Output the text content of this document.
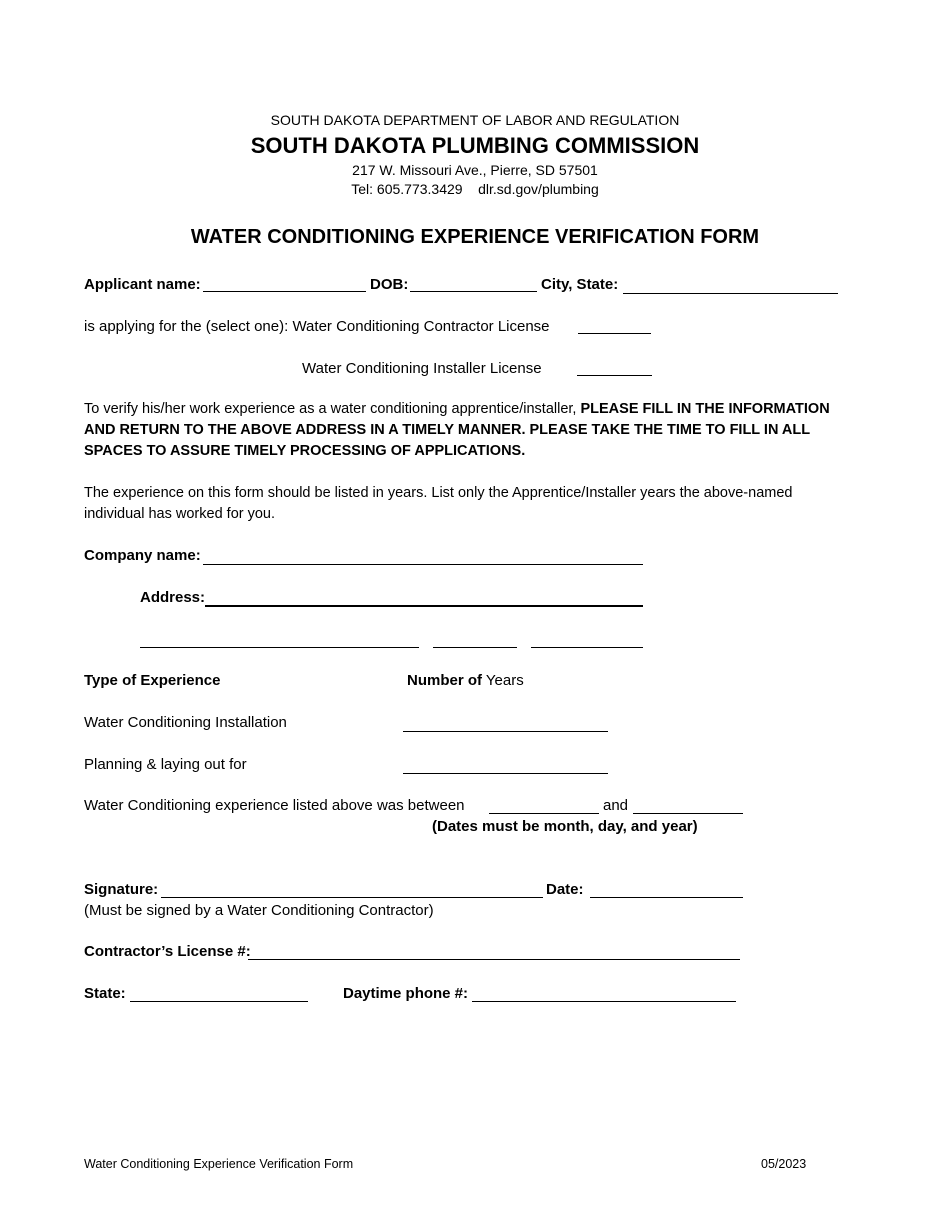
SOUTH DAKOTA DEPARTMENT OF LABOR AND REGULATION
SOUTH DAKOTA PLUMBING COMMISSION
217 W. Missouri Ave., Pierre, SD 57501
Tel: 605.773.3429 dlr.sd.gov/plumbing
WATER CONDITIONING EXPERIENCE VERIFICATION FORM
Applicant name:	DOB:	City, State:
is applying for the (select one): Water Conditioning Contractor License
Water Conditioning Installer License
To verify his/her work experience as a water conditioning apprentice/installer, PLEASE FILL IN THE INFORMATION AND RETURN TO THE ABOVE ADDRESS IN A TIMELY MANNER. PLEASE TAKE THE TIME TO FILL IN ALL SPACES TO ASSURE TIMELY PROCESSING OF APPLICATIONS.
The experience on this form should be listed in years. List only the Apprentice/Installer years the above-named individual has worked for you.
Company name:
Address:
Type of Experience	Number of Years
Water Conditioning Installation
Planning & laying out for
Water Conditioning experience listed above was between	and
(Dates must be month, day, and year)
Signature:	Date:
(Must be signed by a Water Conditioning Contractor)
Contractor’s License #:
State:	Daytime phone #:
Water Conditioning Experience Verification Form	05/2023
